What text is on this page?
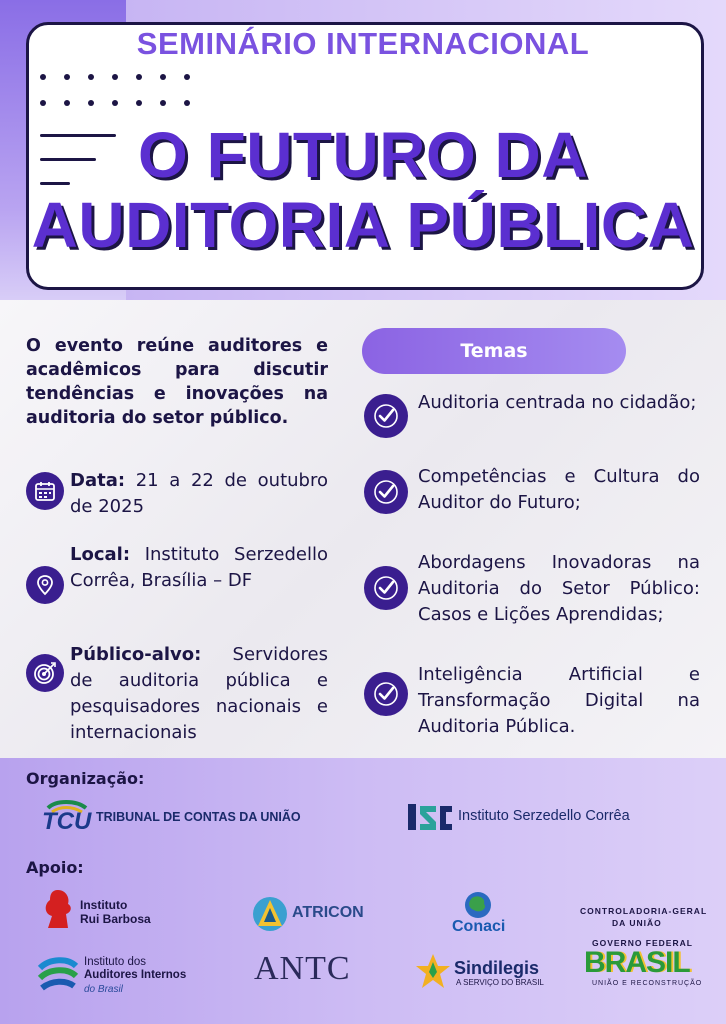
SEMINÁRIO INTERNACIONAL
O FUTURO DA
AUDITORIA PÚBLICA

O evento reúne auditores e acadêmicos para discutir tendências e inovações na auditoria do setor público.

Data: 21 a 22 de outubro de 2025
Local: Instituto Serzedello Corrêa, Brasília – DF
Público-alvo: Servidores de auditoria pública e pesquisadores nacionais e internacionais
Temas

Auditoria centrada no cidadão;

Competências e Cultura do Auditor do Futuro;

Abordagens Inovadoras na Auditoria do Setor Público: Casos e Lições Aprendidas;

Inteligência Artificial e Transformação Digital na Auditoria Pública.

Organização:
TCU TRIBUNAL DE CONTAS DA UNIÃO	Instituto Serzedello Corrêa
Apoio:
Instituto
Rui Barbosa	ATRICON
Conaci
CONTROLADORIA-GERAL
DA UNIÃO
Instituto dos
Auditores Internos
do Brasil
ANTC	Sindilegis
A SERVIÇO DO BRASIL
GOVERNO FEDERAL
BRASIL
UNIÃO E RECONSTRUÇÃO
